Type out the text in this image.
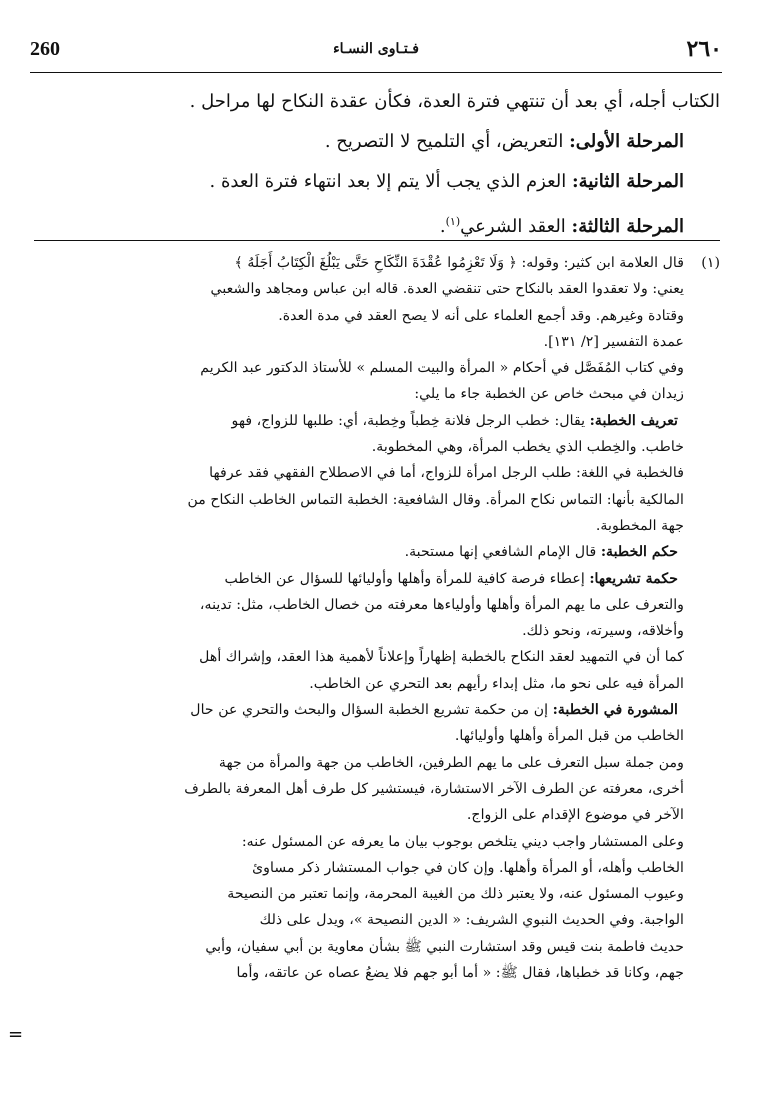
260	فـتـاوى النسـاء	٢٦٠

الكتاب أجله، أي بعد أن تنتهي فترة العدة، فكأن عقدة النكاح لها مراحل .

المرحلة الأولى: التعريض، أي التلميح لا التصريح .

المرحلة الثانية: العزم الذي يجب ألا يتم إلا بعد انتهاء فترة العدة .

المرحلة الثالثة: العقد الشرعي$^{(١)}$.

(١)قال العلامة ابن كثير: وقوله: ﴿ وَلَا تَعْزِمُوا عُقْدَةَ النِّكَاحِ حَتَّى يَبْلُغَ الْكِتَابُ أَجَلَهُ ﴾

يعني: ولا تعقدوا العقد بالنكاح حتى تنقضي العدة. قاله ابن عباس ومجاهد والشعبي

وقتادة وغيرهم. وقد أجمع العلماء على أنه لا يصح العقد في مدة العدة.

عمدة التفسير [٢/ ١٣١].

وفي كتاب المُفَصَّل في أحكام « المرأة والبيت المسلم » للأستاذ الدكتور عبد الكريم

زيدان في مبحث خاص عن الخطبة جاء ما يلي:

تعريف الخطبة: يقال: خطب الرجل فلانة خِطباً وخِطبة، أي: طلبها للزواج، فهو

خاطب. والخِطب الذي يخطب المرأة، وهي المخطوبة.

فالخطبة في اللغة: طلب الرجل امرأة للزواج، أما في الاصطلاح الفقهي فقد عرفها

المالكية بأنها: التماس نكاح المرأة. وقال الشافعية: الخطبة التماس الخاطب النكاح من

جهة المخطوبة.

حكم الخطبة: قال الإمام الشافعي إنها مستحبة.

حكمة تشريعها: إعطاء فرصة كافية للمرأة وأهلها وأوليائها للسؤال عن الخاطب

والتعرف على ما يهم المرأة وأهلها وأولياءها معرفته من خصال الخاطب، مثل: تدينه،

وأخلاقه، وسيرته، ونحو ذلك.

كما أن في التمهيد لعقد النكاح بالخطبة إظهاراً وإعلاناً لأهمية هذا العقد، وإشراك أهل

المرأة فيه على نحو ما، مثل إبداء رأيهم بعد التحري عن الخاطب.

المشورة في الخطبة: إن من حكمة تشريع الخطبة السؤال والبحث والتحري عن حال

الخاطب من قبل المرأة وأهلها وأوليائها.

ومن جملة سبل التعرف على ما يهم الطرفين، الخاطب من جهة والمرأة من جهة

أخرى، معرفته عن الطرف الآخر الاستشارة، فيستشير كل طرف أهل المعرفة بالطرف

الآخر في موضوع الإقدام على الزواج.

وعلى المستشار واجب ديني يتلخص بوجوب بيان ما يعرفه عن المسئول عنه:

الخاطب وأهله، أو المرأة وأهلها. وإن كان في جواب المستشار ذكر مساوئ

وعيوب المسئول عنه، ولا يعتبر ذلك من الغيبة المحرمة، وإنما تعتبر من النصيحة

الواجبة. وفي الحديث النبوي الشريف: « الدين النصيحة »، ويدل على ذلك

حديث فاطمة بنت قيس وقد استشارت النبي ﷺ بشأن معاوية بن أبي سفيان، وأبي

جهم، وكانا قد خطباها، فقال ﷺ: « أما أبو جهم فلا يضعُ عصاه عن عاتقه، وأما

=
